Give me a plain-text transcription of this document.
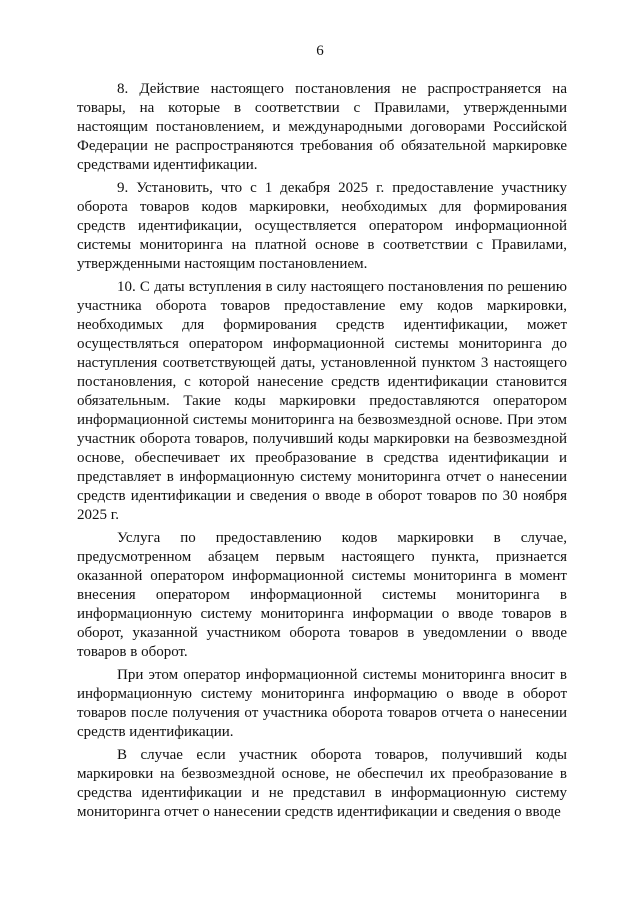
6

8. Действие настоящего постановления не распространяется на товары, на которые в соответствии с Правилами, утвержденными настоящим постановлением, и международными договорами Российской Федерации не распространяются требования об обязательной маркировке средствами идентификации.

9. Установить, что с 1 декабря 2025 г. предоставление участнику оборота товаров кодов маркировки, необходимых для формирования средств идентификации, осуществляется оператором информационной системы мониторинга на платной основе в соответствии с Правилами, утвержденными настоящим постановлением.

10. С даты вступления в силу настоящего постановления по решению участника оборота товаров предоставление ему кодов маркировки, необходимых для формирования средств идентификации, может осуществляться оператором информационной системы мониторинга до наступления соответствующей даты, установленной пунктом 3 настоящего постановления, с которой нанесение средств идентификации становится обязательным. Такие коды маркировки предоставляются оператором информационной системы мониторинга на безвозмездной основе. При этом участник оборота товаров, получивший коды маркировки на безвозмездной основе, обеспечивает их преобразование в средства идентификации и представляет в информационную систему мониторинга отчет о нанесении средств идентификации и сведения о вводе в оборот товаров по 30 ноября 2025 г.

Услуга по предоставлению кодов маркировки в случае, предусмотренном абзацем первым настоящего пункта, признается оказанной оператором информационной системы мониторинга в момент внесения оператором информационной системы мониторинга в информационную систему мониторинга информации о вводе товаров в оборот, указанной участником оборота товаров в уведомлении о вводе товаров в оборот.

При этом оператор информационной системы мониторинга вносит в информационную систему мониторинга информацию о вводе в оборот товаров после получения от участника оборота товаров отчета о нанесении средств идентификации.

В случае если участник оборота товаров, получивший коды маркировки на безвозмездной основе, не обеспечил их преобразование в средства идентификации и не представил в информационную систему мониторинга отчет о нанесении средств идентификации и сведения о вводе
